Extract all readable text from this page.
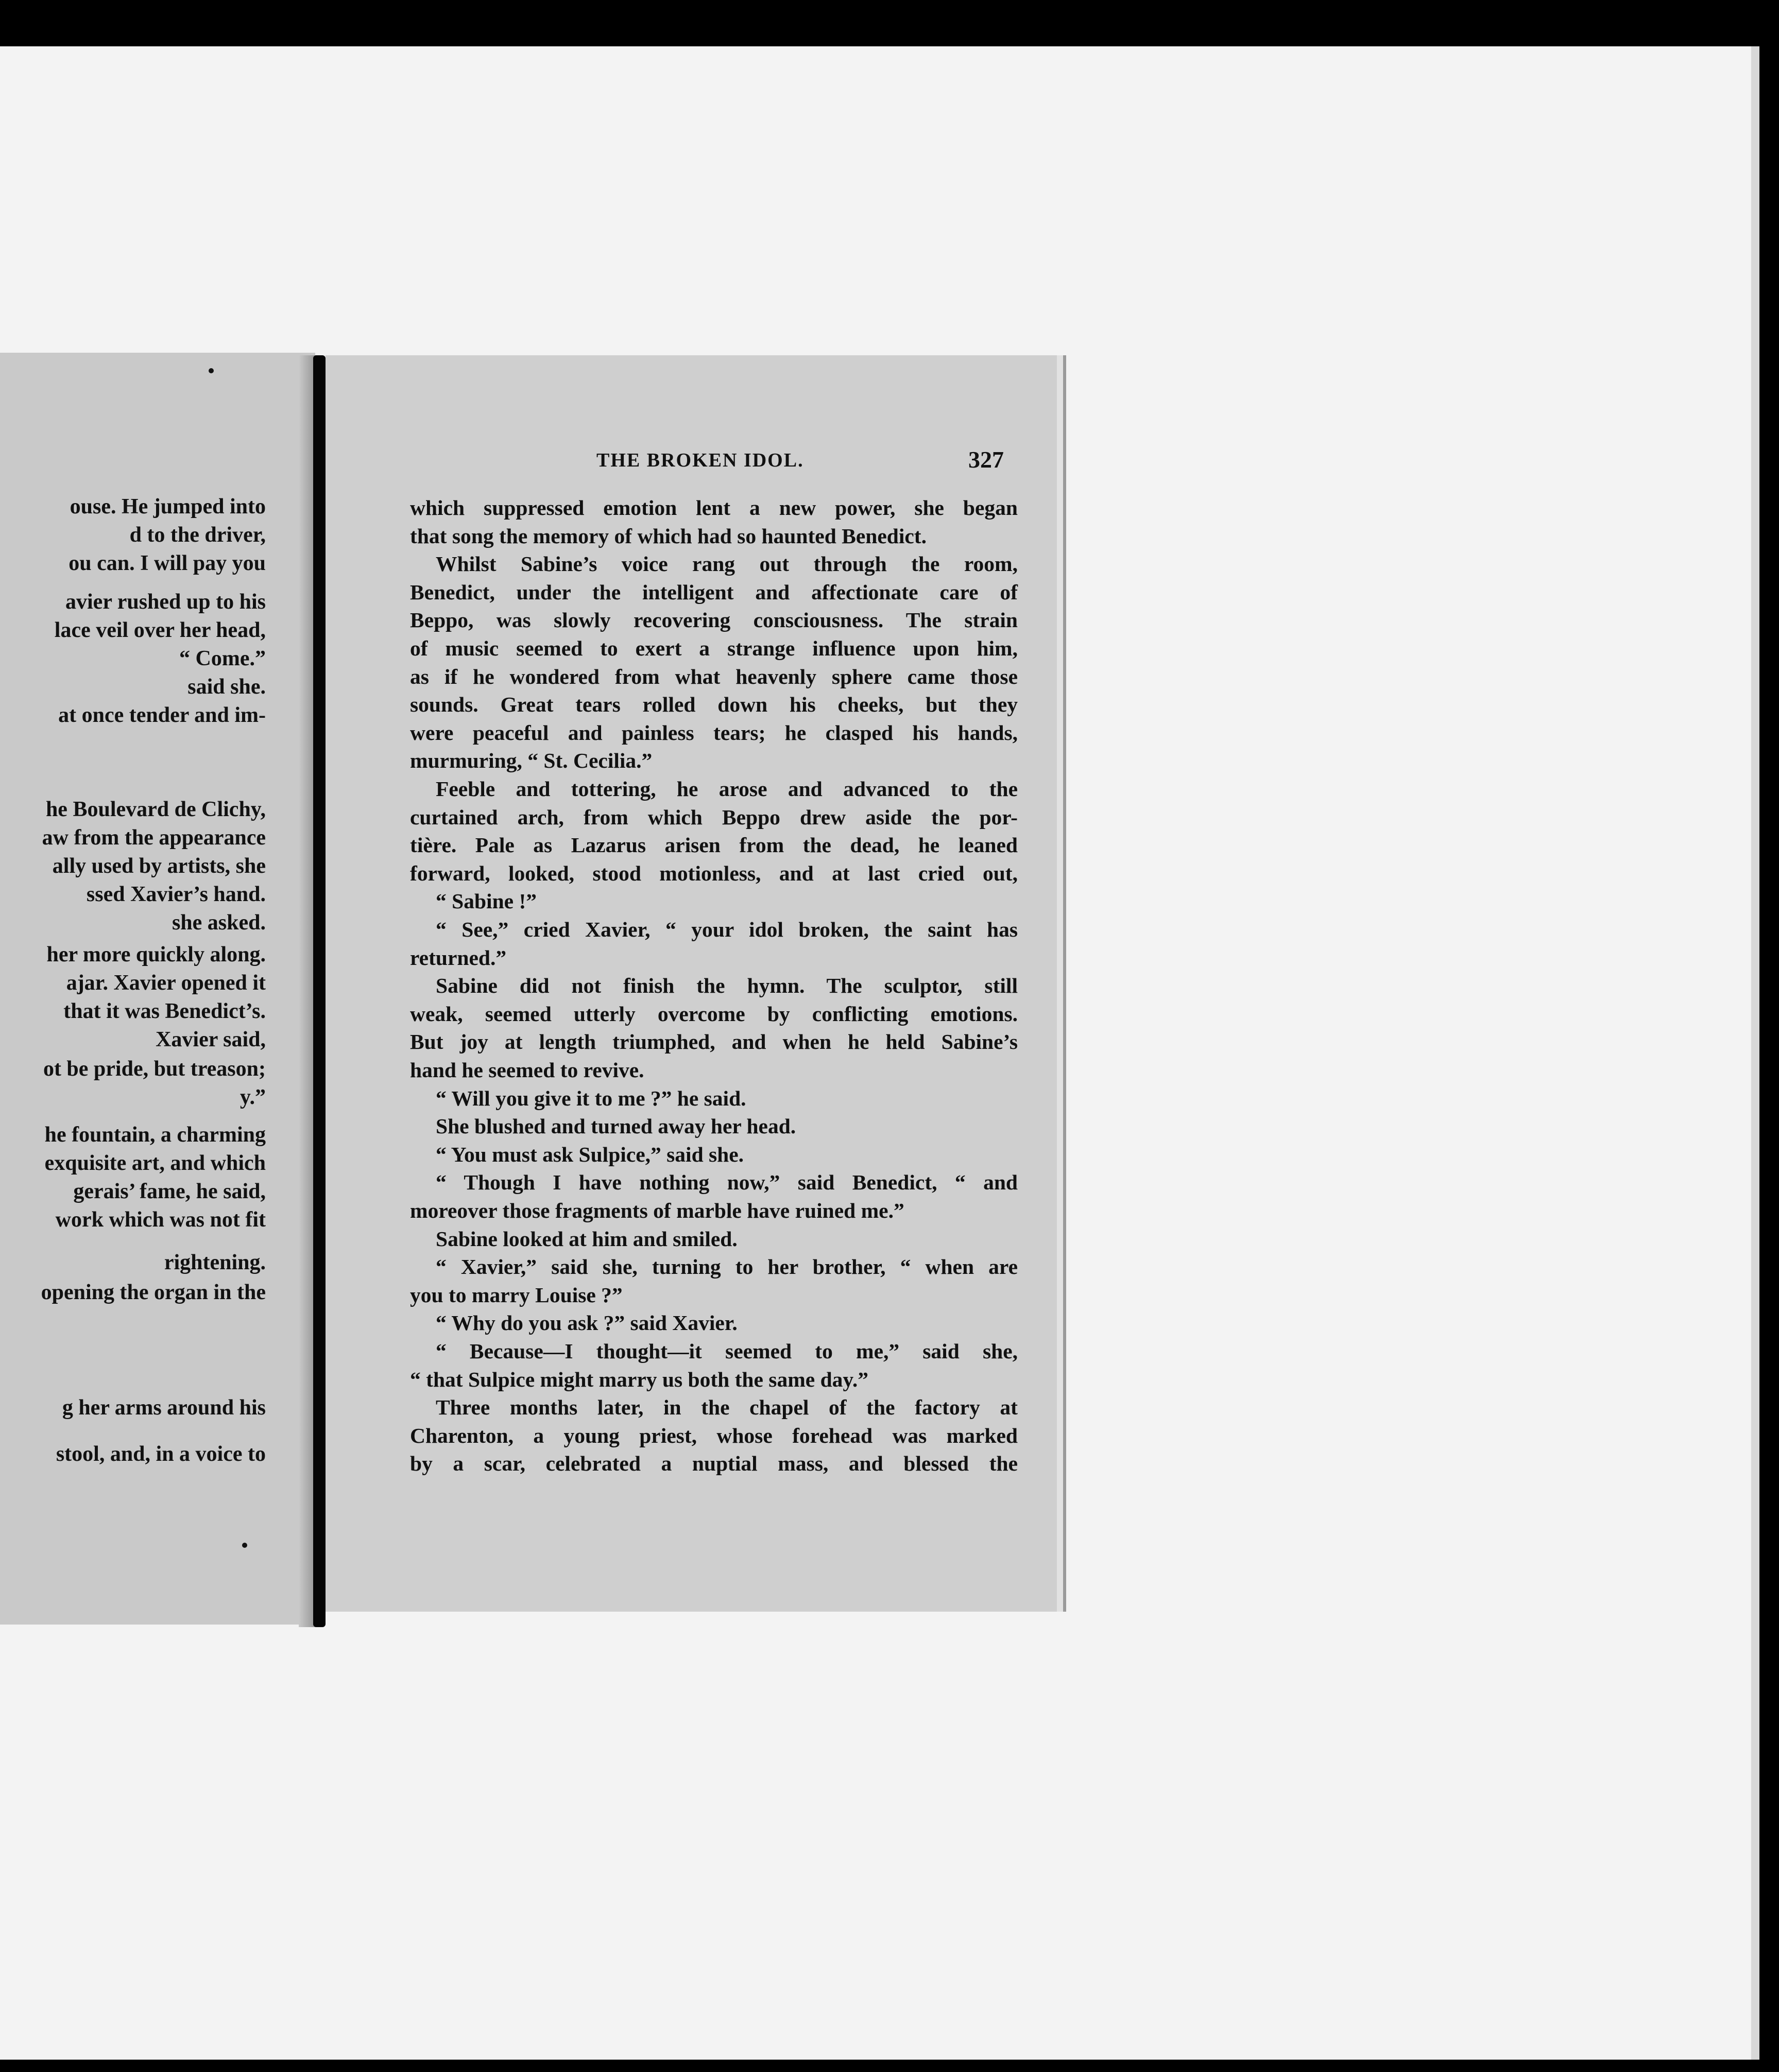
ouse. He jumped into
d to the driver,
ou can. I will pay you
avier rushed up to his
lace veil over her head,
“ Come.”
said she.
at once tender and im-
he Boulevard de Clichy,
aw from the appearance
ally used by artists, she
ssed Xavier’s hand.
she asked.
her more quickly along.
ajar. Xavier opened it
that it was Benedict’s.
Xavier said,
ot be pride, but treason;
y.”
he fountain, a charming
exquisite art, and which
gerais’ fame, he said,
work which was not fit
rightening.
opening the organ in the
g her arms around his
stool, and, in a voice to
THE BROKEN IDOL.	327
which suppressed emotion lent a new power, she began
that song the memory of which had so haunted Benedict.
Whilst Sabine’s voice rang out through the room,
Benedict, under the intelligent and affectionate care of
Beppo, was slowly recovering consciousness. The strain
of music seemed to exert a strange influence upon him,
as if he wondered from what heavenly sphere came those
sounds. Great tears rolled down his cheeks, but they
were peaceful and painless tears; he clasped his hands,
murmuring, “ St. Cecilia.”
Feeble and tottering, he arose and advanced to the
curtained arch, from which Beppo drew aside the por-
tière. Pale as Lazarus arisen from the dead, he leaned
forward, looked, stood motionless, and at last cried out,
“ Sabine !”
“ See,” cried Xavier, “ your idol broken, the saint has
returned.”
Sabine did not finish the hymn. The sculptor, still
weak, seemed utterly overcome by conflicting emotions.
But joy at length triumphed, and when he held Sabine’s
hand he seemed to revive.
“ Will you give it to me ?” he said.
She blushed and turned away her head.
“ You must ask Sulpice,” said she.
“ Though I have nothing now,” said Benedict, “ and
moreover those fragments of marble have ruined me.”
Sabine looked at him and smiled.
“ Xavier,” said she, turning to her brother, “ when are
you to marry Louise ?”
“ Why do you ask ?” said Xavier.
“ Because—I thought—it seemed to me,” said she,
“ that Sulpice might marry us both the same day.”
Three months later, in the chapel of the factory at
Charenton, a young priest, whose forehead was marked
by a scar, celebrated a nuptial mass, and blessed the
